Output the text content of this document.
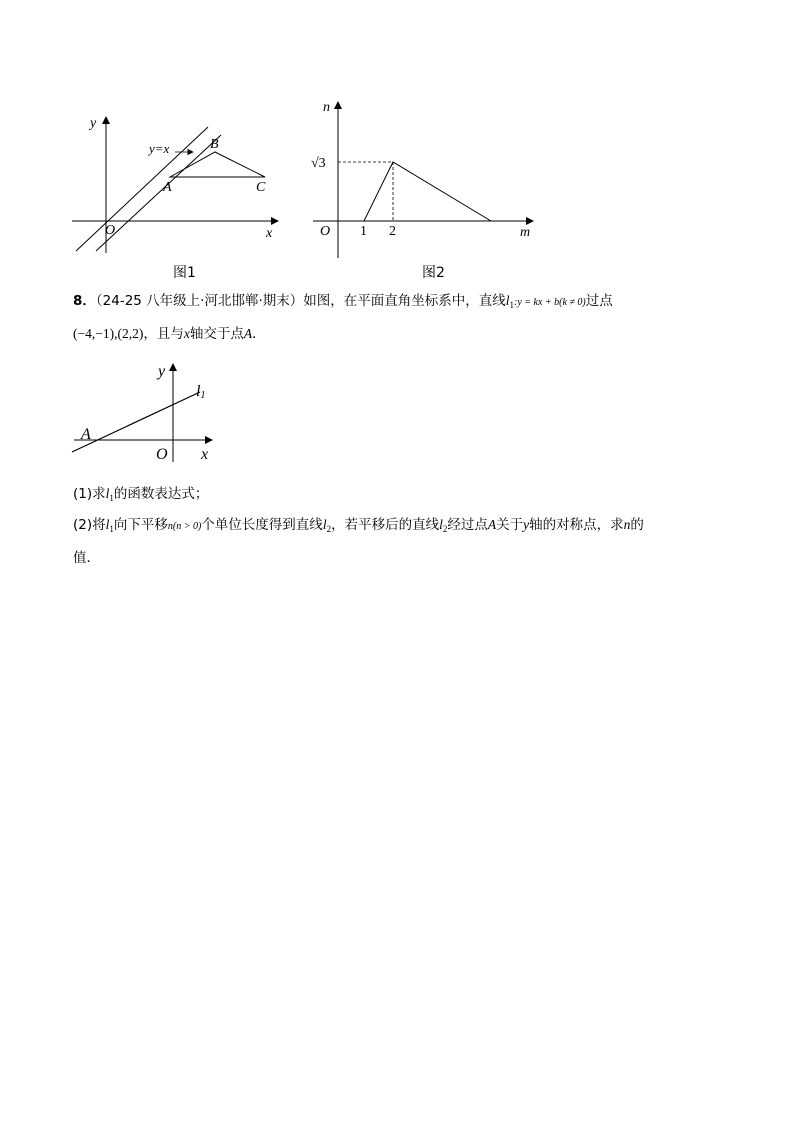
y
x
O
y=x
A
B
C
图1
n
m
O 1 2
√3
图2
8．（24-25 八年级上·河北邯郸·期末）如图，在平面直角坐标系中，直线$l_1:y$ = kx + b(k ≠ 0)过点
(−4,−1),(2,2)，且与x轴交于点A．
y
x
O
A
l1
(1)求$l_1$的函数表达式；
(2)将$l_1$向下平移n(n > 0)个单位长度得到直线$l_2$，若平移后的直线$l_2$经过点A关于y轴的对称点，求n的
值．
